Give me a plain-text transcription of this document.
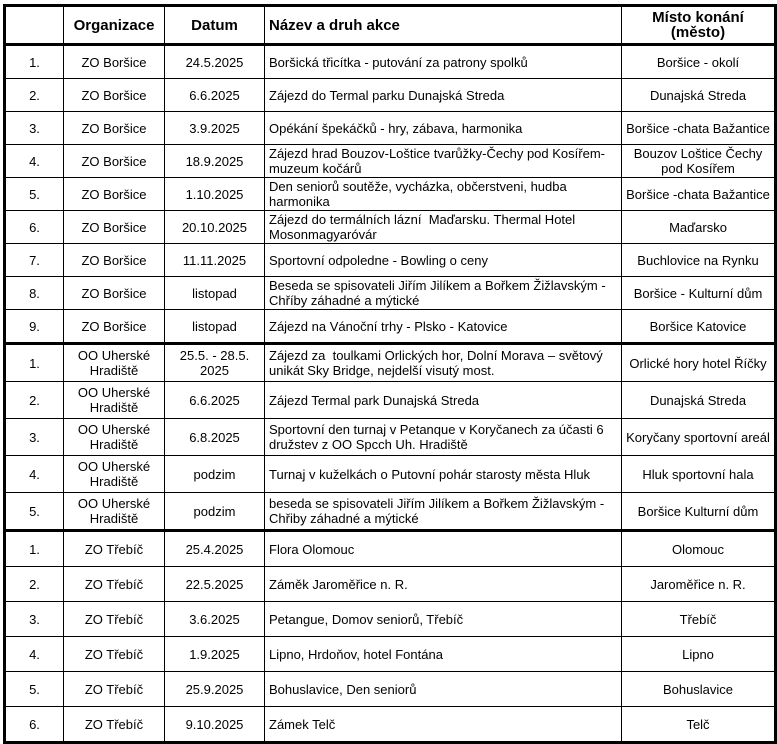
	Organizace	Datum	Název a druh akce	Místo konání
(město)
1.	ZO Boršice	24.5.2025	Boršická třicítka - putování za patrony spolků	Boršice - okolí
2.	ZO Boršice	6.6.2025	Zájezd do Termal parku Dunajská Streda	Dunajská Streda
3.	ZO Boršice	3.9.2025	Opékání špekáčků - hry, zábava, harmonika	Boršice -chata Bažantice
4.	ZO Boršice	18.9.2025	Zájezd hrad Bouzov-Loštice tvarůžky-Čechy pod Kosířem-muzeum kočárů	Bouzov Loštice Čechy pod Kosířem
5.	ZO Boršice	1.10.2025	Den seniorů soutěže, vycházka, občerstveni, hudba harmonika	Boršice -chata Bažantice
6.	ZO Boršice	20.10.2025	Zájezd do termálních lázní  Maďarsku. Thermal Hotel Mosonmagyaróvár	Maďarsko
7.	ZO Boršice	11.11.2025	Sportovní odpoledne - Bowling o ceny	Buchlovice na Rynku
8.	ZO Boršice	listopad	Beseda se spisovateli Jiřím Jilíkem a Bořkem Žižlavským - Chříby záhadné a mýtické	Boršice - Kulturní dům
9.	ZO Boršice	listopad	Zájezd na Vánoční trhy - Plsko - Katovice	Boršice Katovice
1.	OO Uherské Hradiště	25.5. - 28.5. 2025	Zájezd za  toulkami Orlických hor, Dolní Morava – světový unikát Sky Bridge, nejdelší visutý most.	Orlické hory hotel Říčky
2.	OO Uherské Hradiště	6.6.2025	Zájezd Termal park Dunajská Streda	Dunajská Streda
3.	OO Uherské Hradiště	6.8.2025	Sportovní den turnaj v Petanque v Koryčanech za účasti 6 družstev z OO Spcch Uh. Hradiště	Koryčany sportovní areál
4.	OO Uherské Hradiště	podzim	Turnaj v kuželkách o Putovní pohár starosty města Hluk	Hluk sportovní hala
5.	OO Uherské Hradiště	podzim	beseda se spisovateli Jiřím Jilíkem a Bořkem Žižlavským - Chřiby záhadné a mýtické	Boršice Kulturní dům
1.	ZO Třebíč	25.4.2025	Flora Olomouc	Olomouc
2.	ZO Třebíč	22.5.2025	Záměk Jaroměřice n. R.	Jaroměřice n. R.
3.	ZO Třebíč	3.6.2025	Petangue, Domov seniorů, Třebíč	Třebíč
4.	ZO Třebíč	1.9.2025	Lipno, Hrdoňov, hotel Fontána	Lipno
5.	ZO Třebíč	25.9.2025	Bohuslavice, Den seniorů	Bohuslavice
6.	ZO Třebíč	9.10.2025	Zámek Telč	Telč
